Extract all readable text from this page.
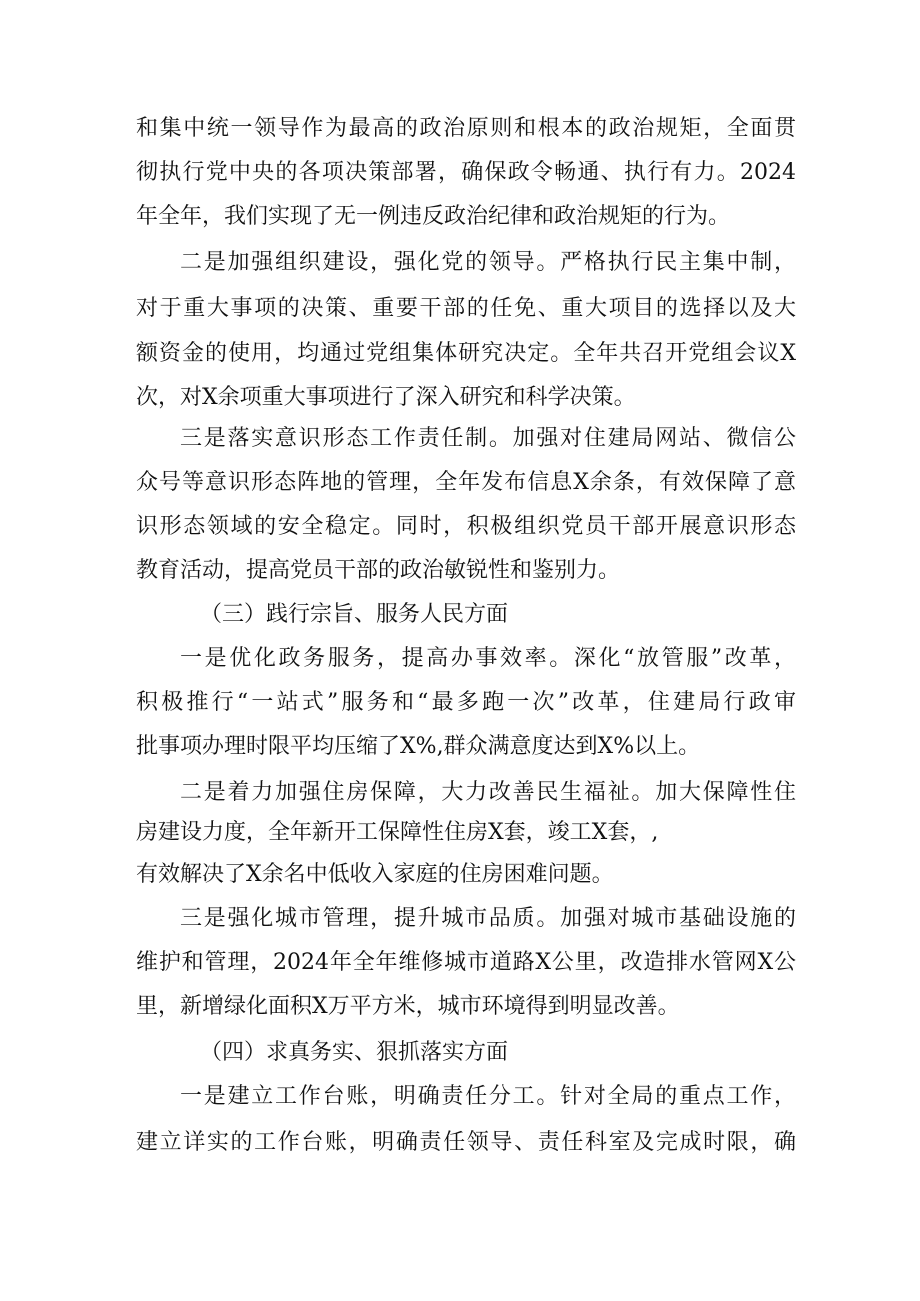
和集中统一领导作为最高的政治原则和根本的政治规矩，全面贯
彻执行党中央的各项决策部署，确保政令畅通、执行有力。2024
年全年，我们实现了无一例违反政治纪律和政治规矩的行为。
二是加强组织建设，强化党的领导。严格执行民主集中制，
对于重大事项的决策、重要干部的任免、重大项目的选择以及大
额资金的使用，均通过党组集体研究决定。全年共召开党组会议X
次，对X余项重大事项进行了深入研究和科学决策。
三是落实意识形态工作责任制。加强对住建局网站、微信公
众号等意识形态阵地的管理，全年发布信息X余条，有效保障了意
识形态领域的安全稳定。同时，积极组织党员干部开展意识形态
教育活动，提高党员干部的政治敏锐性和鉴别力。
（三）践行宗旨、服务人民方面
一是优化政务服务，提高办事效率。深化“放管服”改革，
积极推行“一站式”服务和“最多跑一次”改革，住建局行政审
批事项办理时限平均压缩了X%,群众满意度达到X%以上。
二是着力加强住房保障，大力改善民生福祉。加大保障性住
房建设力度，全年新开工保障性住房X套，竣工X套，,
有效解决了X余名中低收入家庭的住房困难问题。
三是强化城市管理，提升城市品质。加强对城市基础设施的
维护和管理，2024年全年维修城市道路X公里，改造排水管网X公
里，新增绿化面积X万平方米，城市环境得到明显改善。
（四）求真务实、狠抓落实方面
一是建立工作台账，明确责任分工。针对全局的重点工作，
建立详实的工作台账，明确责任领导、责任科室及完成时限，确
